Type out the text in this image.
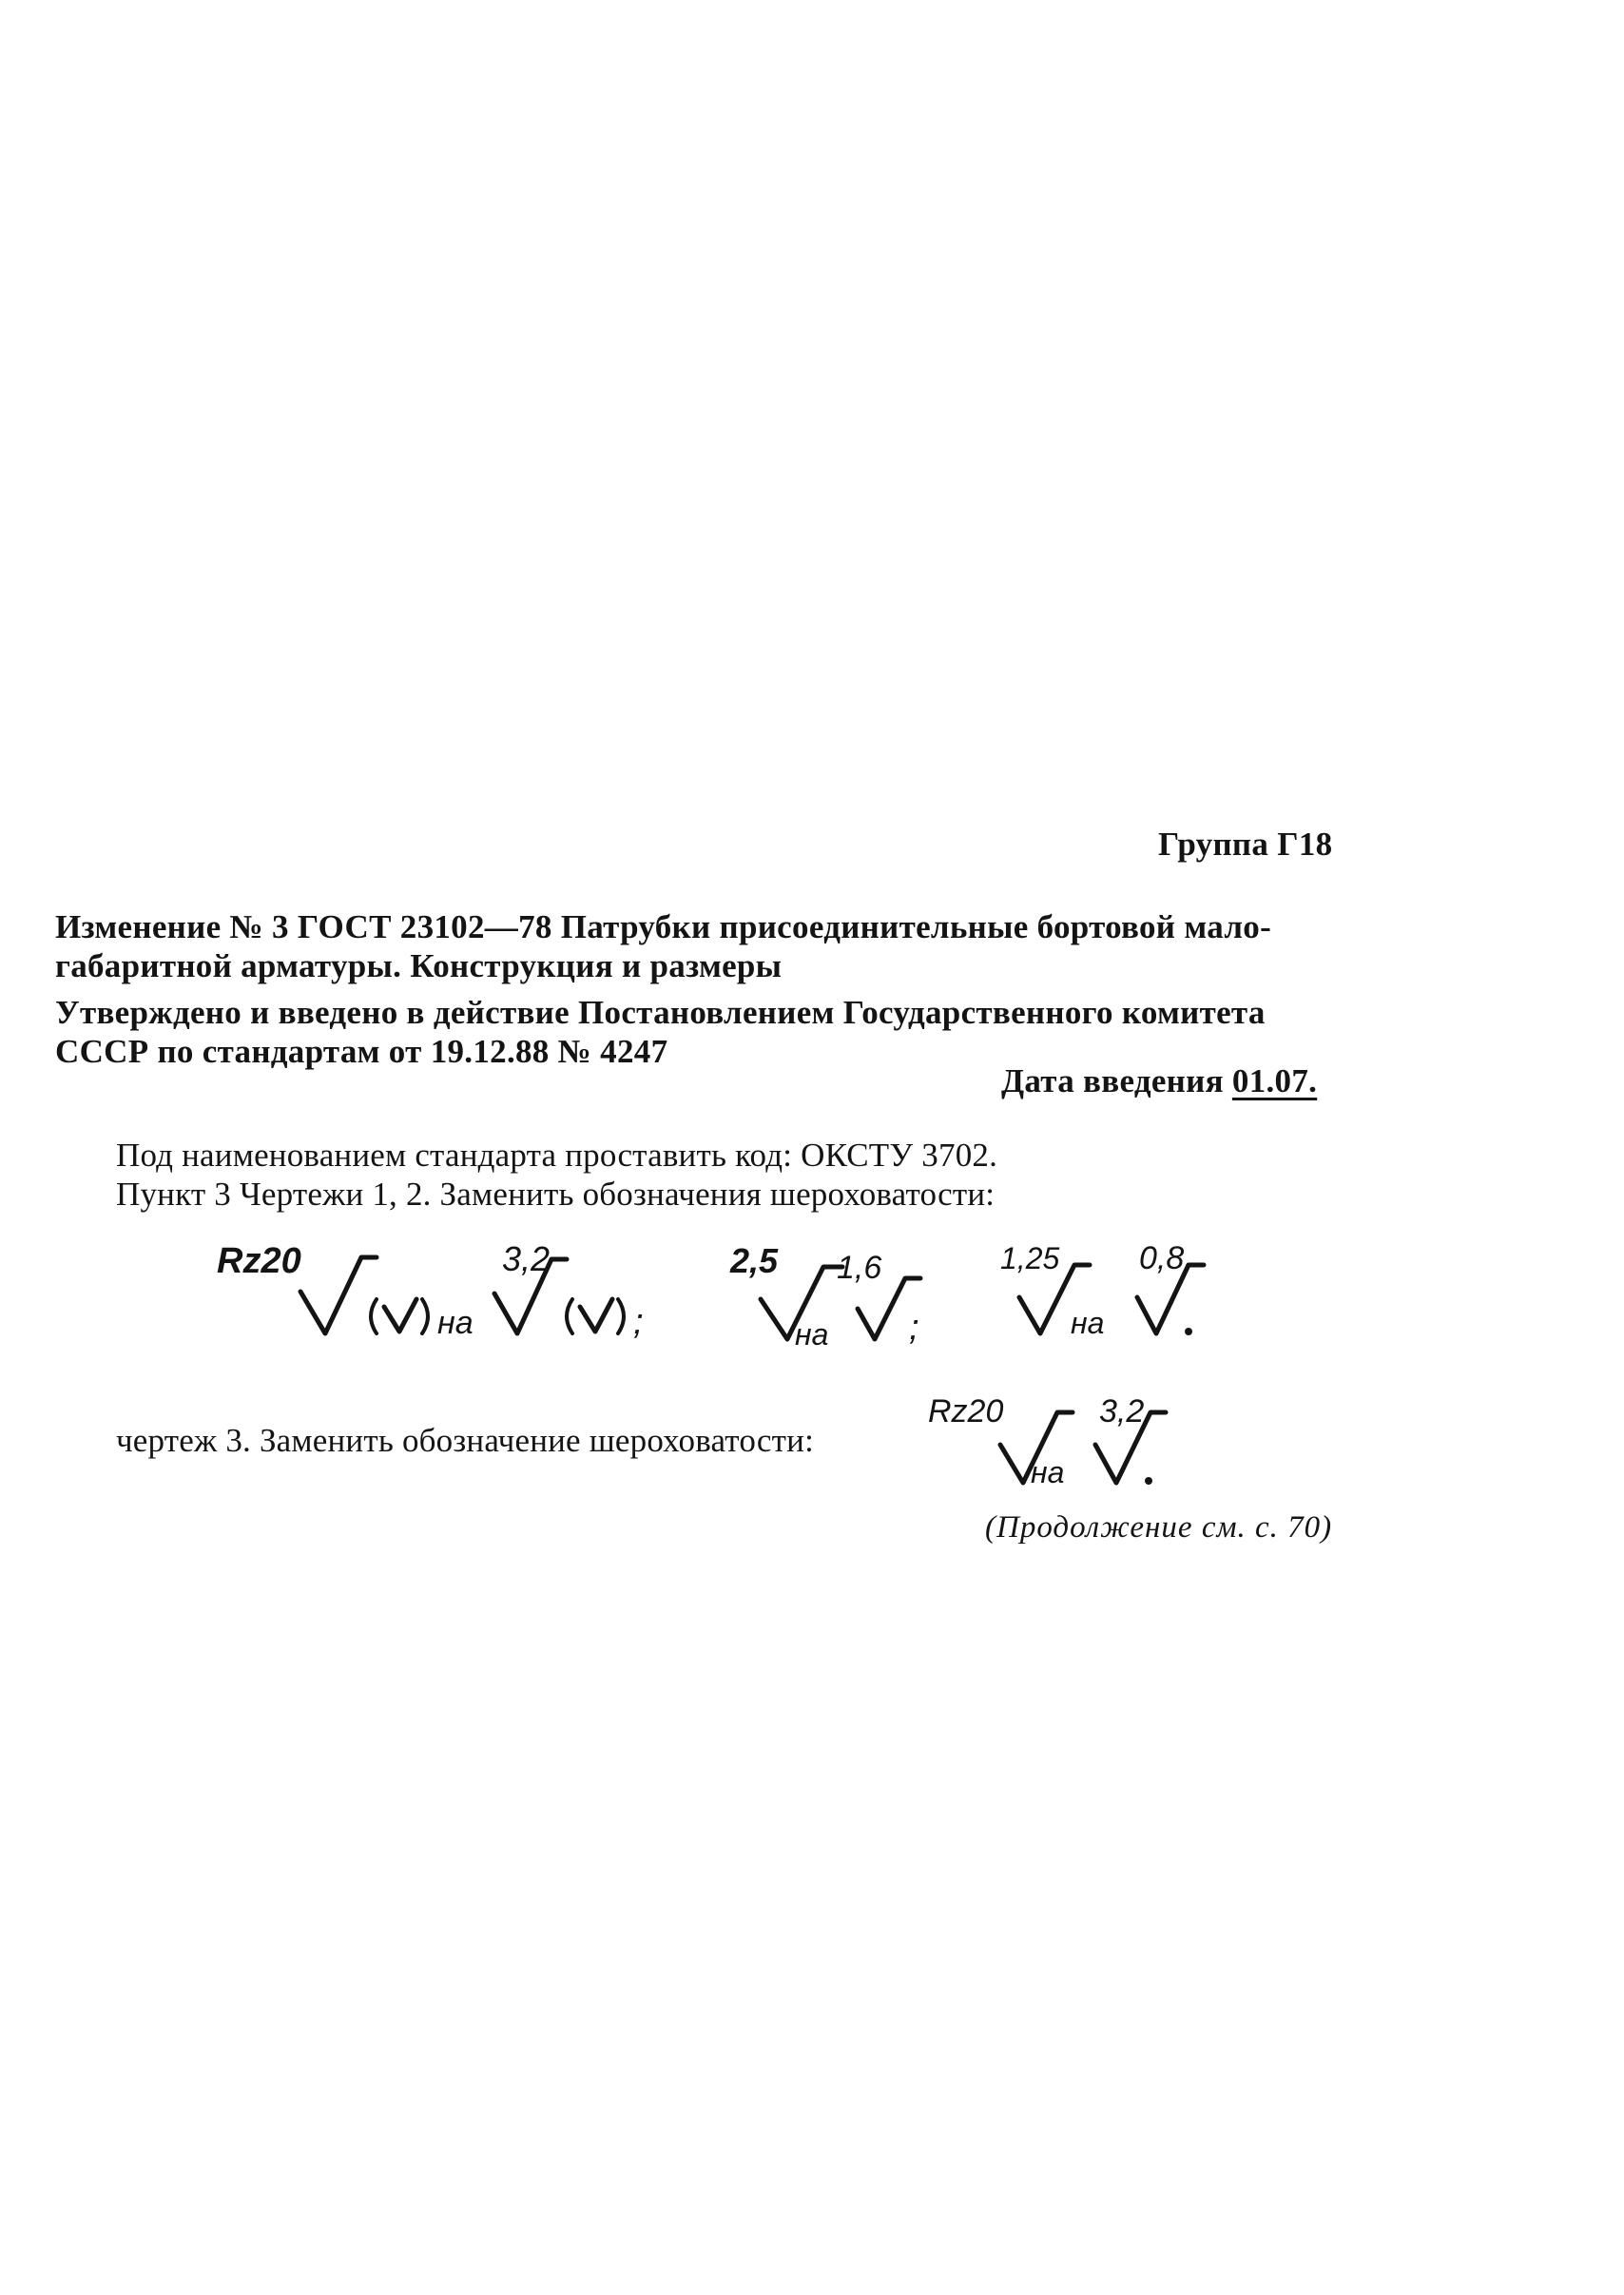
Группа Г18
Изменение № 3 ГОСТ 23102—78 Патрубки присоединительные бортовой мало-
габаритной арматуры. Конструкция и размеры
Утверждено и введено в действие Постановлением Государственного комитета
СССР по стандартам от 19.12.88 № 4247
Дата введения 01.07.
Под наименованием стандарта проставить код: ОКСТУ 3702.
Пункт 3 Чертежи 1, 2. Заменить обозначения шероховатости:
Rz20
на
3,2
;
2,5
на
1,6
;
1,25
на
0,8
чертеж 3. Заменить обозначение шероховатости:
Rz20
на
3,2
(Продолжение см. с. 70)
